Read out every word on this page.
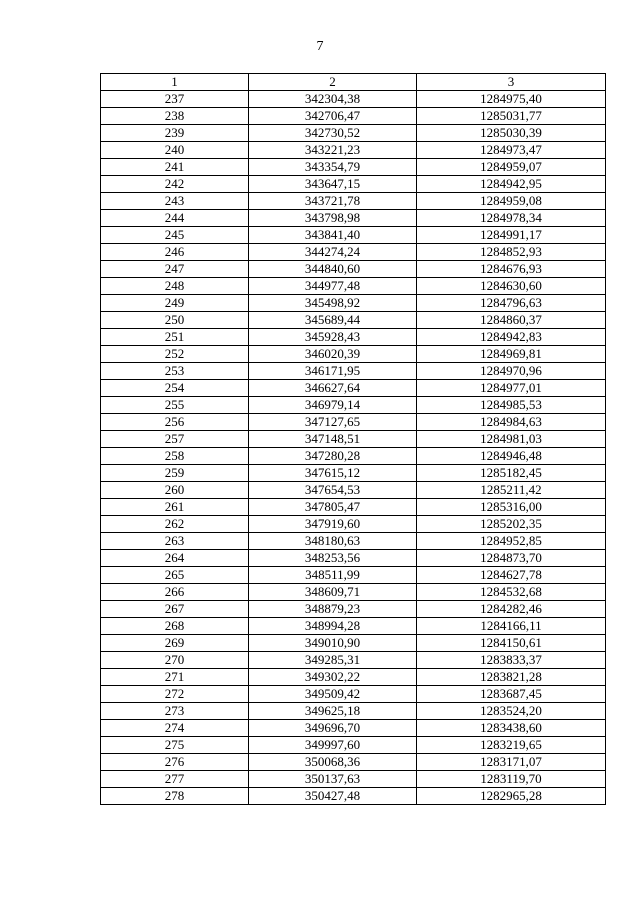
7
1	2	3
237	342304,38	1284975,40
238	342706,47	1285031,77
239	342730,52	1285030,39
240	343221,23	1284973,47
241	343354,79	1284959,07
242	343647,15	1284942,95
243	343721,78	1284959,08
244	343798,98	1284978,34
245	343841,40	1284991,17
246	344274,24	1284852,93
247	344840,60	1284676,93
248	344977,48	1284630,60
249	345498,92	1284796,63
250	345689,44	1284860,37
251	345928,43	1284942,83
252	346020,39	1284969,81
253	346171,95	1284970,96
254	346627,64	1284977,01
255	346979,14	1284985,53
256	347127,65	1284984,63
257	347148,51	1284981,03
258	347280,28	1284946,48
259	347615,12	1285182,45
260	347654,53	1285211,42
261	347805,47	1285316,00
262	347919,60	1285202,35
263	348180,63	1284952,85
264	348253,56	1284873,70
265	348511,99	1284627,78
266	348609,71	1284532,68
267	348879,23	1284282,46
268	348994,28	1284166,11
269	349010,90	1284150,61
270	349285,31	1283833,37
271	349302,22	1283821,28
272	349509,42	1283687,45
273	349625,18	1283524,20
274	349696,70	1283438,60
275	349997,60	1283219,65
276	350068,36	1283171,07
277	350137,63	1283119,70
278	350427,48	1282965,28
